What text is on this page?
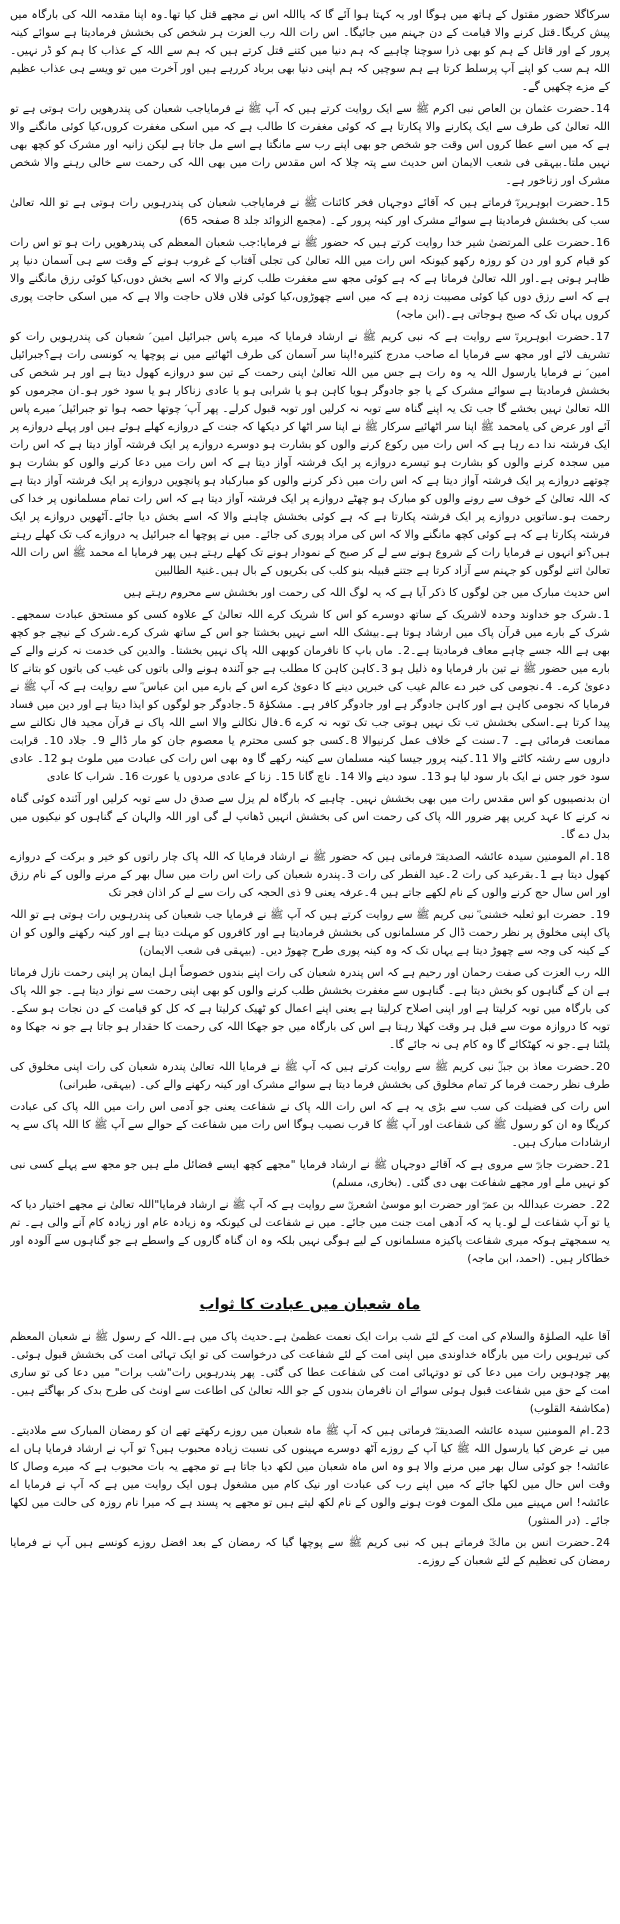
سرکاگلا حضور مقتول کے ہاتھ میں ہوگا اور یہ کہتا ہوا آئے گا کہ یااللہ اس نے مجھے قتل کیا تھا۔وہ اپنا مقدمہ اللہ کی بارگاہ میں پیش کریگا۔قتل کرنے والا قیامت کے دن جہنم میں جائیگا۔ اس رات اللہ رب العزت ہر شخص کی بخشش فرمادیتا ہے سوائے کینہ پرور کے اور قاتل کے ہم کو بھی ذرا سوچنا چاہیے کہ ہم دنیا میں کتنے قتل کرتے ہیں کہ ہم سے اللہ کے عذاب کا ہم کو ڈر نہیں۔ اللہ ہم سب کو اپنے آپ پرسلط کرتا ہے ہم سوچیں کہ ہم اپنی دنیا بھی برباد کررہے ہیں اور آخرت میں تو ویسے ہی عذاب عظیم کے مزے چکھیں گے۔

14۔حضرت عثمان بن العاص نبی اکرم ﷺ سے ایک روایت کرتے ہیں کہ آپ ﷺ نے فرمایاجب شعبان کی پندرھویں رات ہوتی ہے تو اللہ تعالیٰ کی طرف سے ایک پکارنے والا پکارتا ہے کہ کوئی مغفرت کا طالب ہے کہ میں اسکی مغفرت کروں،کیا کوئی مانگنے والا ہے کہ میں اسے عطا کروں اس وقت جو شخص جو بھی اپنے رب سے مانگتا ہے اسے مل جاتا ہے لیکن زانیہ اور مشرک کو کچھ بھی نہیں ملتا۔بیہقی فی شعب الایمان اس حدیث سے پتہ چلا کہ اس مقدس رات میں بھی اللہ کی رحمت سے خالی رہنے والا شخص مشرک اور زناخور ہے۔

15۔حضرت ابوہریرہؓ فرماتے ہیں کہ آقائے دوجہاں فخر کائنات ﷺ نے فرمایاجب شعبان کی پندرہویں رات ہوتی ہے تو اللہ تعالیٰ سب کی بخشش فرمادیتا ہے سوائے مشرک اور کینہ پرور کے۔ (مجمع الزوائد جلد 8 صفحہ 65)

16۔حضرت علی المرتضیٰ شیر خدا روایت کرتے ہیں کہ حضور ﷺ نے فرمایا:جب شعبان المعظم کی پندرھویں رات ہو تو اس رات کو قیام کرو اور دن کو روزہ رکھو کیونکہ اس رات میں اللہ تعالیٰ کی تجلی آفتاب کے غروب ہونے کے وقت سے ہی آسمان دنیا پر ظاہر ہوتی ہے۔اور اللہ تعالیٰ فرماتا ہے کہ ہے کوئی مجھ سے مغفرت طلب کرنے والا کہ اسے بخش دوں،کیا کوئی رزق مانگنے والا ہے کہ اسے رزق دوں کیا کوئی مصیبت زدہ ہے کہ میں اسے چھوڑوں،کیا کوئی فلاں فلاں حاجت والا ہے کہ میں اسکی حاجت پوری کروں یہاں تک کہ صبح ہوجاتی ہے۔(ابن ماجہ)

17۔حضرت ابوہریرہؓ سے روایت ہے کہ نبی کریم ﷺ نے ارشاد فرمایا کہ میرے پاس جبرائیل امین ؑ شعبان کی پندرہویں رات کو تشریف لائے اور مجھ سے فرمایا اے صاحب مدرج کثیرہ!اپنا سر آسمان کی طرف اٹھائیے میں نے پوچھا یہ کونسی رات ہے؟جبرائیل امین ؑ نے فرمایا یارسول اللہ یہ وہ رات ہے جس میں اللہ تعالیٰ اپنی رحمت کے تین سو دروازے کھول دیتا ہے اور ہر شخص کی بخشش فرمادیتا ہے سوائے مشرک کے یا جو جادوگر ہویا کاہن ہو یا شرابی ہو یا عادی زناکار ہو یا سود خور ہو۔ان مجرموں کو اللہ تعالیٰ نہیں بخشے گا جب تک یہ اپنے گناہ سے توبہ نہ کرلیں اور توبہ قبول کرلے۔ پھر آپ ؑ چوتھا حصہ ہوا تو جبرائیل ؑ میرے پاس آئے اور عرض کی یامحمد ﷺ اپنا سر اٹھائیے سرکار ﷺ نے اپنا سر اٹھا کر دیکھا کہ جنت کے دروازے کھلے ہوئے ہیں اور پہلے دروازے پر ایک فرشتہ ندا دے رہا ہے کہ اس رات میں رکوع کرنے والوں کو بشارت ہو دوسرے دروازے پر ایک فرشتہ آواز دیتا ہے کہ اس رات میں سجدہ کرنے والوں کو بشارت ہو تیسرے دروازے پر ایک فرشتہ آواز دیتا ہے کہ اس رات میں دعا کرنے والوں کو بشارت ہو چوتھے دروازے پر ایک فرشتہ آواز دیتا ہے کہ اس رات میں ذکر کرنے والوں کو مبارکباد ہو پانچویں دروازے پر ایک فرشتہ آواز دیتا ہے کہ اللہ تعالیٰ کے خوف سے رونے والوں کو مبارک ہو چھٹے دروازے پر ایک فرشتہ آواز دیتا ہے کہ اس رات تمام مسلمانوں پر خدا کی رحمت ہو۔ساتویں دروازے پر ایک فرشتہ پکارتا ہے کہ ہے کوئی بخشش چاہنے والا کہ اسے بخش دیا جائے۔آٹھویں دروازے پر ایک فرشتہ پکارتا ہے کہ ہے کوئی کچھ مانگنے والا کہ اس کی مراد پوری کی جائے۔ میں نے پوچھا اے جبرائیل یہ دروازے کب تک کھلے رہتے ہیں؟تو انہوں نے فرمایا رات کے شروع ہونے سے لے کر صبح کے نمودار ہونے تک کھلے رہتے ہیں پھر فرمایا اے محمد ﷺ اس رات اللہ تعالیٰ اتنے لوگوں کو جہنم سے آزاد کرتا ہے جتنے قبیلہ بنو کلب کی بکریوں کے بال ہیں۔غنیۃ الطالبین

اس حدیث مبارک میں جن لوگوں کا ذکر آیا ہے کہ یہ لوگ اللہ کی رحمت اور بخشش سے محروم رہتے ہیں

1۔شرک جو خداوند وحدہ لاشریک کے ساتھ دوسرے کو اس کا شریک کرے اللہ تعالیٰ کے علاوہ کسی کو مستحق عبادت سمجھے۔شرک کے بارے میں قرآن پاک میں ارشاد ہوتا ہے۔بیشک اللہ اسے نہیں بخشتا جو اس کے ساتھ شرک کرے۔شرک کے نیچے جو کچھ بھی ہے اللہ جسے چاہے معاف فرمادیتا ہے۔2۔ ماں باپ کا نافرمان کوبھی اللہ پاک نہیں بخشتا۔ والدین کی خدمت نہ کرنے والے کے بارے میں حضور ﷺ نے تین بار فرمایا وہ ذلیل ہو 3۔کاہن کاہن کا مطلب ہے جو آئندہ ہونے والی باتوں کی غیب کی باتوں کو بتانے کا دعویٰ کرے۔ 4۔نجومی کی خبر دے عالم غیب کی خبریں دینے کا دعویٰ کرے اس کے بارے میں ابن عباس ؓ سے روایت ہے کہ آپ ﷺ نے فرمایا کہ نجومی کاہن ہے اور کاہن جادوگر ہے اور جادوگر کافر ہے۔ مشکوٰۃ 5۔جادوگر جو لوگوں کو ایذا دیتا ہے اور دین میں فساد پیدا کرتا ہے۔اسکی بخشش تب تک نہیں ہوتی جب تک توبہ نہ کرے 6۔فال نکالنے والا اسے اللہ پاک نے قرآن مجید فال نکالنے سے ممانعت فرمائی ہے۔ 7۔سنت کے خلاف عمل کرنیوالا 8۔کسی جو کسی محترم یا معصوم جان کو مار ڈالے 9۔ جلاد 10۔ قرابت داروں سے رشتہ کاٹنے والا 11۔کینہ پرور جیسا کینہ مسلمان سے کینہ رکھے گا وہ بھی اس رات کی عبادت میں ملوث ہو 12۔ عادی سود خور جس نے ایک بار سود لیا ہو 13۔ سود دینے والا 14۔ ناچ گانا 15۔ زنا کے عادی مردوں یا عورت 16۔ شراب کا عادی

ان بدنصیبوں کو اس مقدس رات میں بھی بخشش نہیں۔ چاہیے کہ بارگاہ لم یزل سے صدق دل سے توبہ کرلیں اور آئندہ کوئی گناہ نہ کرنے کا عہد کریں پھر ضرور اللہ پاک کی رحمت اس کی بخشش انہیں ڈھانپ لے گی اور اللہ والہان کے گناہوں کو نیکیوں میں بدل دے گا۔

18۔ام المومنین سیدہ عائشہ الصدیقہؓ فرماتی ہیں کہ حضور ﷺ نے ارشاد فرمایا کہ اللہ پاک چار راتوں کو خیر و برکت کے دروازے کھول دیتا ہے 1۔بقرعید کی رات 2۔عید الفطر کی رات 3۔پندرہ شعبان کی رات اس رات میں سال بھر کے مرنے والوں کے نام رزق اور اس سال حج کرنے والوں کے نام لکھے جاتے ہیں 4۔عرفہ یعنی 9 ذی الحجہ کی رات سے لے کر اذان فجر تک

19۔ حضرت ابو ثعلبہ خشنی ؓ نبی کریم ﷺ سے روایت کرتے ہیں کہ آپ ﷺ نے فرمایا جب شعبان کی پندرہویں رات ہوتی ہے تو اللہ پاک اپنی مخلوق پر نظر رحمت ڈال کر مسلمانوں کی بخشش فرمادیتا ہے اور کافروں کو مہلت دیتا ہے اور کینہ رکھنے والوں کو ان کے کینہ کی وجہ سے چھوڑ دیتا ہے یہاں تک کہ وہ کینہ پوری طرح چھوڑ دیں۔ (بیہقی فی شعب الایمان)

اللہ رب العزت کی صفت رحمان اور رحیم ہے کہ اس پندرہ شعبان کی رات اپنے بندوں خصوصاً اہل ایمان پر اپنی رحمت نازل فرماتا ہے ان کے گناہوں کو بخش دیتا ہے۔ گناہوں سے مغفرت بخشش طلب کرنے والوں کو بھی اپنی رحمت سے نواز دیتا ہے۔ جو اللہ پاک کی بارگاہ میں توبہ کرلیتا ہے اور اپنی اصلاح کرلیتا ہے یعنی اپنے اعمال کو ٹھیک کرلیتا ہے کہ کل کو قیامت کے دن نجات ہو سکے۔ توبہ کا دروازہ موت سے قبل ہر وقت کھلا رہتا ہے اس کی بارگاہ میں جو جھکا اللہ کی رحمت کا حقدار ہو جاتا ہے جو نہ جھکا وہ پلٹنا ہے۔جو نہ کھٹکائے گا وہ کام ہی نہ جائے گا۔

20۔حضرت معاذ بن جبلؓ نبی کریم ﷺ سے روایت کرتے ہیں کہ آپ ﷺ نے فرمایا اللہ تعالیٰ پندرہ شعبان کی رات اپنی مخلوق کی طرف نظر رحمت فرما کر تمام مخلوق کی بخشش فرما دیتا ہے سوائے مشرک اور کینہ رکھنے والے کی۔ (بیہقی، طبرانی)

اس رات کی فضیلت کی سب سے بڑی یہ ہے کہ اس رات اللہ پاک نے شفاعت یعنی جو آدمی اس رات میں اللہ پاک کی عبادت کریگا وہ ان کو رسول ﷺ کی شفاعت اور آپ ﷺ کا قرب نصیب ہوگا اس رات میں شفاعت کے حوالے سے آپ ﷺ کا اللہ پاک سے یہ ارشادات مبارک ہیں۔

21۔حضرت جابرؓ سے مروی ہے کہ آقائے دوجہاں ﷺ نے ارشاد فرمایا "مجھے کچھ ایسے فضائل ملے ہیں جو مجھ سے پہلے کسی نبی کو نہیں ملے اور مجھے شفاعت بھی دی گئی۔ (بخاری، مسلم)

22۔ حضرت عبداللہ بن عمرؓ اور حضرت ابو موسیٰ اشعریؓ سے روایت ہے کہ آپ ﷺ نے ارشاد فرمایا"اللہ تعالیٰ نے مجھے اختیار دیا کہ یا تو آپ شفاعت لے لو۔یا یہ کہ آدھی امت جنت میں جائے۔ میں نے شفاعت لی کیونکہ وہ زیادہ عام اور زیادہ کام آنے والی ہے۔ تم یہ سمجھتے ہوکہ میری شفاعت پاکیزہ مسلمانوں کے لیے ہوگی نہیں بلکہ وہ ان گناہ گاروں کے واسطے ہے جو گناہوں سے آلودہ اور خطاکار ہیں۔ (احمد، ابن ماجہ)

ماہ شعبان میں عبادت کا ثواب

آقا علیہ الصلوٰۃ والسلام کی امت کے لئے شب برات ایک نعمت عظمیٰ ہے۔حدیث پاک میں ہے۔اللہ کے رسول ﷺ نے شعبان المعظم کی تیرہویں رات میں بارگاہ خداوندی میں اپنی امت کے لئے شفاعت کی درخواست کی تو ایک تہائی امت کی بخشش قبول ہوئی۔پھر چودہویں رات میں دعا کی تو دوتہائی امت کی شفاعت عطا کی گئی۔ پھر پندرہویں رات"شب برات" میں دعا کی تو ساری امت کے حق میں شفاعت قبول ہوئی سوائے ان نافرمان بندوں کے جو اللہ تعالیٰ کی اطاعت سے اونٹ کی طرح بدک کر بھاگتے ہیں۔ (مکاشفۃ القلوب)

23۔ام المومنین سیدہ عائشہ الصدیقہؓ فرماتی ہیں کہ آپ ﷺ ماہ شعبان میں روزے رکھتے تھے ان کو رمضان المبارک سے ملادیتے۔میں نے عرض کیا یارسول اللہ ﷺ کیا آپ کے روزے آٹھ دوسرے مہینوں کی نسبت زیادہ محبوب ہیں؟ تو آپ نے ارشاد فرمایا ہاں اے عائشہ! جو کوئی سال بھر میں مرنے والا ہو وہ اس ماہ شعبان میں لکھ دیا جاتا ہے تو مجھے یہ بات محبوب ہے کہ میرے وصال کا وقت اس حال میں لکھا جائے کہ میں اپنے رب کی عبادت اور نیک کام میں مشغول ہوں ایک روایت میں ہے کہ آپ نے فرمایا اے عائشہ! اس مہینے میں ملک الموت فوت ہونے والوں کے نام لکھ لیتے ہیں تو مجھے یہ پسند ہے کہ میرا نام روزہ کی حالت میں لکھا جائے۔ (در المنثور)

24۔حضرت انس بن مالکؓ فرماتے ہیں کہ نبی کریم ﷺ سے پوچھا گیا کہ رمضان کے بعد افضل روزے کونسے ہیں آپ نے فرمایا رمضان کی تعظیم کے لئے شعبان کے روزے۔
